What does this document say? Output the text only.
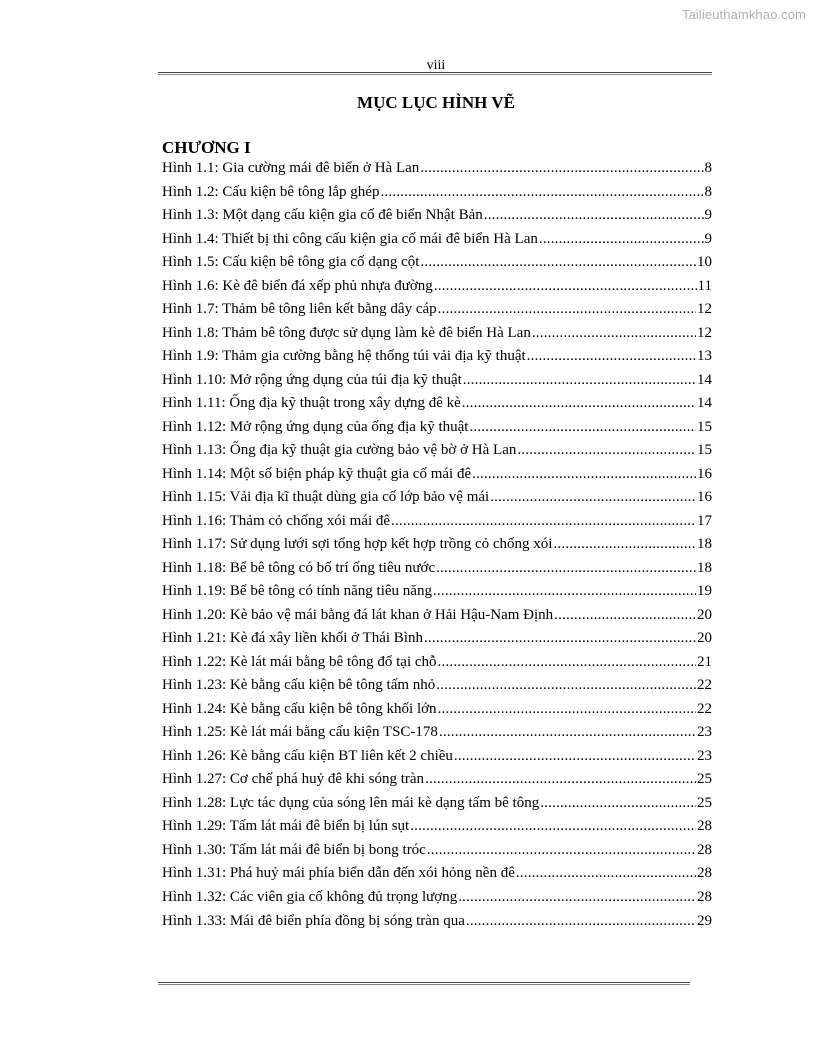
Tailieuthamkhao.com
viii
MỤC LỤC HÌNH VẼ
CHƯƠNG I
Hình 1.1: Gia cường mái đê biển ở Hà Lan .....	8
Hình 1.2: Cấu kiện bê tông lắp ghép .....	8
Hình 1.3: Một dạng cấu kiện gia cố đê biển Nhật Bản .....	9
Hình 1.4: Thiết bị thi công cấu kiện gia cố mái đê biển Hà Lan .....	9
Hình 1.5: Cấu kiện bê tông gia cố dạng cột .....	10
Hình 1.6: Kè đê biển đá xếp phủ nhựa đường .....	11
Hình 1.7: Thảm bê tông liên kết bằng dây cáp .....	12
Hình 1.8: Thảm bê tông được sử dụng làm kè đê biển Hà Lan .....	12
Hình 1.9: Thảm gia cường bằng hệ thống túi vải địa kỹ thuật .....	13
Hình 1.10: Mở rộng ứng dụng của túi địa kỹ thuật .....	14
Hình 1.11: Ống địa kỹ thuật trong xây dựng đê kè .....	14
Hình 1.12: Mở rộng ứng dụng của ống địa kỹ thuật .....	15
Hình 1.13: Ống địa kỹ thuật gia cường bảo vệ bờ ở Hà Lan .....	15
Hình 1.14: Một số biện pháp kỹ thuật gia cố mái đê .....	16
Hình 1.15: Vải địa kĩ thuật dùng gia cố lớp bảo vệ mái .....	16
Hình 1.16: Thảm cỏ chống xói mái đê .....	17
Hình 1.17: Sử dụng lưới sợi tổng hợp kết hợp trồng cỏ chống xói .....	18
Hình 1.18: Bể bê tông có bố trí ống tiêu nước .....	18
Hình 1.19: Bể bê tông có tính năng tiêu năng .....	19
Hình 1.20: Kè bảo vệ mái bằng đá lát khan ở Hải Hậu-Nam Định .....	20
Hình 1.21: Kè đá xây liền khối ở Thái Bình .....	20
Hình 1.22: Kè lát mái bằng bê tông đổ tại chỗ .....	21
Hình 1.23: Kè bằng cấu kiện bê tông tấm nhỏ .....	22
Hình 1.24: Kè bằng cấu kiện bê tông khối lớn .....	22
Hình 1.25: Kè lát mái bằng cấu kiện TSC-178 .....	23
Hình 1.26: Kè bằng cấu kiện BT liên kết 2 chiều .....	23
Hình 1.27: Cơ chế phá huỷ đê khi sóng tràn .....	25
Hình 1.28: Lực tác dụng của sóng lên mái kè dạng tấm bê tông .....	25
Hình 1.29: Tấm lát mái đê biển bị lún sụt .....	28
Hình 1.30: Tấm lát mái đê biển bị bong tróc .....	28
Hình 1.31: Phá huỷ mái phía biển dẫn đến xói hỏng nền đê .....	28
Hình 1.32: Các viên gia cố không đủ trọng lượng .....	28
Hình 1.33: Mái đê biển phía đồng bị sóng tràn qua .....	29
